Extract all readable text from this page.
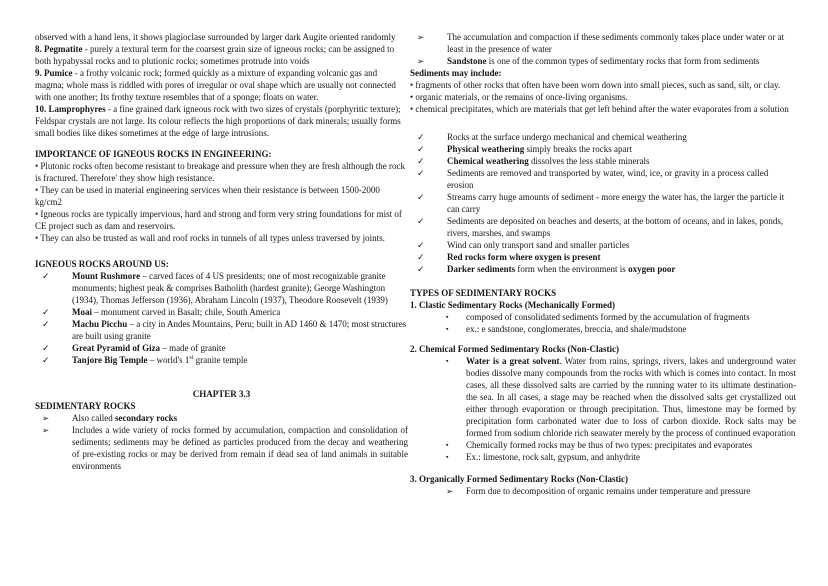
observed with a hand lens, it shows plagioclase surrounded by larger dark Augite oriented randomly
8. Pegmatite - purely a textural term for the coarsest grain size of igneous rocks; can be assigned to both hypabyssal rocks and to plutionic rocks; sometimes protrude into voids
9. Pumice - a frothy volcanic rock; formed quickly as a mixture of expanding volcanic gas and magma; whole mass is riddled with pores of irregular or oval shape which are usually not connected with one another; Its frothy texture resembles that of a sponge; floats on water.
10. Lamprophyres - a fine grained dark igneous rock with two sizes of crystals (porphyritic texture); Feldspar crystals are not large. Its colour reflects the high proportions of dark minerals; usually forms small bodies like dikes sometimes at the edge of large intrusions.
IMPORTANCE OF IGNEOUS ROCKS IN ENGINEERING:
• Plutonic rocks often become resistant to breakage and pressure when they are fresh although the rock is fractured. Therefore' they show high resistance.
• They can be used in material engineering services when their resistance is between 1500-2000 kg/cm2
• Igneous rocks are typically impervious, hard and strong and form very string foundations for mist of CE project such as dam and reservoirs.
• They can also be trusted as wall and roof rocks in tunnels of all types unless traversed by joints.
IGNEOUS ROCKS AROUND US:
✓ Mount Rushmore – carved faces of 4 US presidents; one of most recognizable granite monuments; highest peak & comprises Batholith (hardest granite); George Washington (1934), Thomas Jefferson (1936), Abraham Lincoln (1937), Theodore Roosevelt (1939)
✓ Moai – monument carved in Basalt; chile, South America
✓ Machu Picchu – a city in Andes Mountains, Peru; built in AD 1460 & 1470; most structures are built using granite
✓ Great Pyramid of Giza – made of granite
✓ Tanjore Big Temple – world's 1st granite temple
CHAPTER 3.3
SEDIMENTARY ROCKS
➢	Also called secondary rocks
➢	Includes a wide variety of rocks formed by accumulation, compaction and consolidation of sediments; sediments may be defined as particles produced from the decay and weathering of pre-existing rocks or may be derived from remain if dead sea of land animals in suitable environments
➢	The accumulation and compaction if these sediments commonly takes place under water or at least in the presence of water
➢	Sandstone is one of the common types of sedimentary rocks that form from sediments
Sediments may include:
• fragments of other rocks that often have been worn down into small pieces, such as sand, silt, or clay.
• organic materials, or the remains of once-living organisms.
• chemical precipitates, which are materials that get left behind after the water evaporates from a solution
✓ Rocks at the surface undergo mechanical and chemical weathering
✓ Physical weathering simply breaks the rocks apart
✓ Chemical weathering dissolves the less stable minerals
✓ Sediments are removed and transported by water, wind, ice, or gravity in a process called erosion
✓ Streams carry huge amounts of sediment - more energy the water has, the larger the particle it can carry
✓ Sediments are deposited on beaches and deserts, at the bottom of oceans, and in lakes, ponds, rivers, marshes, and swamps
✓ Wind can only transport sand and smaller particles
✓ Red rocks form where oxygen is present
✓ Darker sediments form when the environment is oxygen poor
TYPES OF SEDIMENTARY ROCKS
1. Clastic Sedimentary Rocks (Mechanically Formed)
▪ composed of consolidated sediments formed by the accumulation of fragments
▪ ex.: e sandstone, conglomerates, breccia, and shale/mudstone
2. Chemical Formed Sedimentary Rocks (Non-Clastic)
▪ Water is a great solvent. Water from rains, springs, rivers, lakes and underground water bodies dissolve many compounds from the rocks with which is comes into contact. In most cases, all these dissolved salts are carried by the running water to its ultimate destination-the sea. In all cases, a stage may be reached when the dissolved salts get crystallized out either through evaporation or through precipitation. Thus, limestone may be formed by precipitation form carbonated water due to loss of carbon dioxide. Rock salts may be formed from sodium chloride rich seawater merely by the process of continued evaporation
▪ Chemically formed rocks may be thus of two types: precipitates and evaporates
▪ Ex.: limestone, rock salt, gypsum, and anhydrite
3. Organically Formed Sedimentary Rocks (Non-Clastic)
➢ Form due to decomposition of organic remains under temperature and pressure
